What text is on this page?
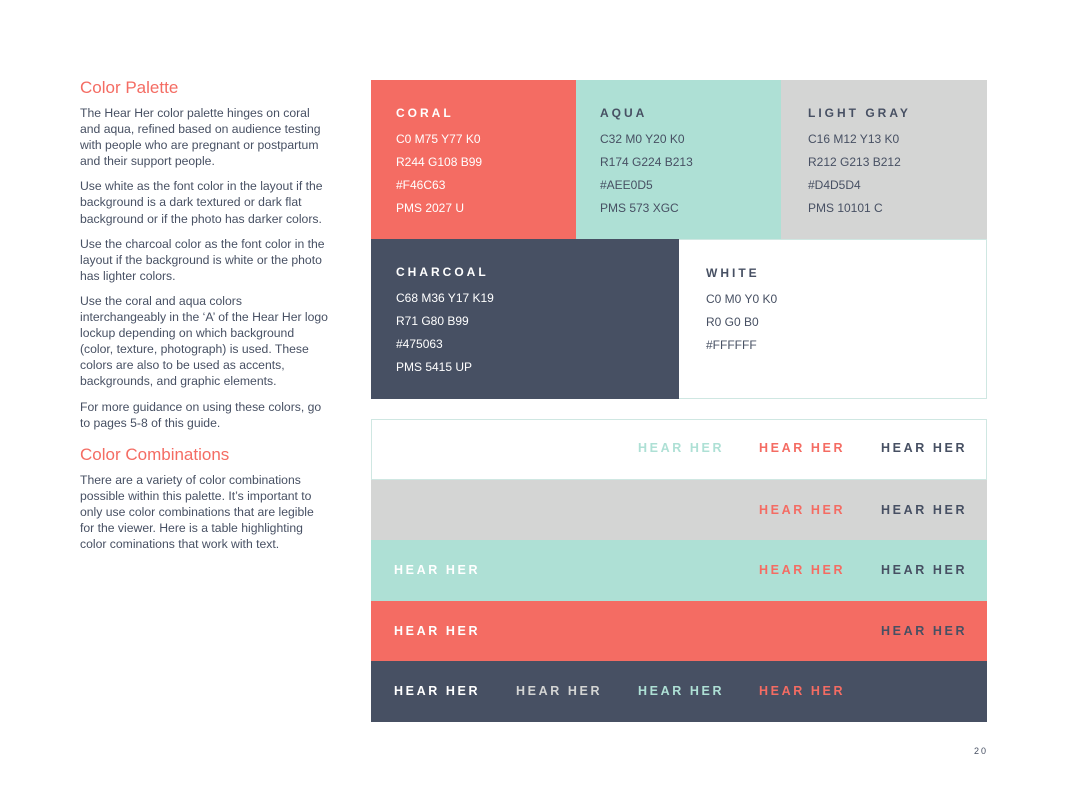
Color Palette

The Hear Her color palette hinges on coral and aqua, refined based on audience testing with people who are pregnant or postpartum and their support people.

Use white as the font color in the layout if the background is a dark textured or dark flat background or if the photo has darker colors.

Use the charcoal color as the font color in the layout if the background is white or the photo has lighter colors.

Use the coral and aqua colors interchangeably in the ‘A’ of the Hear Her logo lockup depending on which background (color, texture, photograph) is used. These colors are also to be used as accents, backgrounds, and graphic elements.

For more guidance on using these colors, go to pages 5-8 of this guide.

Color Combinations

There are a variety of color combinations possible within this palette. It’s important to only use color combinations that are legible for the viewer. Here is a table highlighting color cominations that work with text.

CORAL
C0 M75 Y77 K0
R244 G108 B99
#F46C63
PMS 2027 U
AQUA
C32 M0 Y20 K0
R174 G224 B213
#AEE0D5
PMS 573 XGC
LIGHT GRAY
C16 M12 Y13 K0
R212 G213 B212
#D4D5D4
PMS 10101 C
CHARCOAL
C68 M36 Y17 K19
R71 G80 B99
#475063
PMS 5415 UP
WHITE
C0 M0 Y0 K0
R0 G0 B0
#FFFFFF
HEAR HER	HEAR HER	HEAR HER
HEAR HER	HEAR HER
HEAR HER	HEAR HER	HEAR HER
HEAR HER	HEAR HER
HEAR HER	HEAR HER	HEAR HER	HEAR HER
20
